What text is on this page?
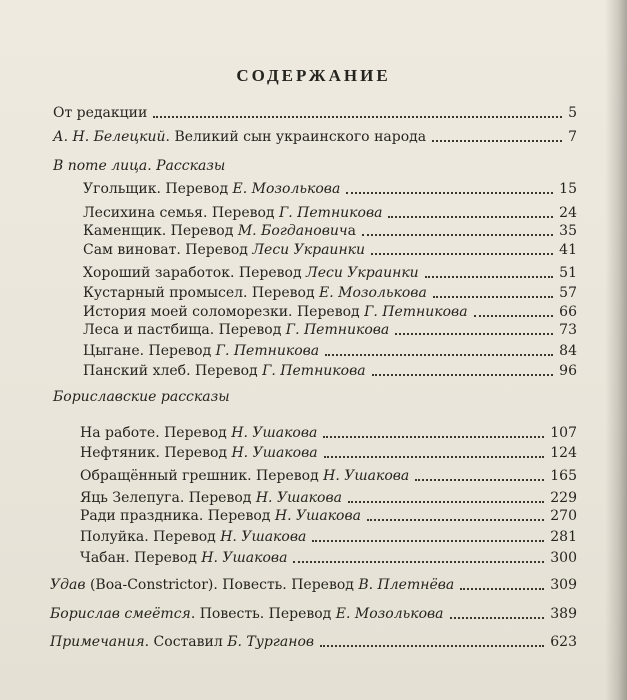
СОДЕРЖАНИЕ
От редакции	5
А. Н. Белецкий. Великий сын украинского народа	7
В поте лица. Рассказы
Угольщик. Перевод Е. Мозолькова	15
Лесихина семья. Перевод Г. Петникова	24
Каменщик. Перевод М. Богдановича	35
Сам виноват. Перевод Леси Украинки	41
Хороший заработок. Перевод Леси Украинки	51
Кустарный промысел. Перевод Е. Мозолькова	57
История моей соломорезки. Перевод Г. Петникова	66
Леса и пастбища. Перевод Г. Петникова	73
Цыгане. Перевод Г. Петникова	84
Панский хлеб. Перевод Г. Петникова	96
Бориславские рассказы
На работе. Перевод Н. Ушакова	107
Нефтяник. Перевод Н. Ушакова	124
Обращённый грешник. Перевод Н. Ушакова	165
Яць Зелепуга. Перевод Н. Ушакова	229
Ради праздника. Перевод Н. Ушакова	270
Полуйка. Перевод Н. Ушакова	281
Чабан. Перевод Н. Ушакова	300
Удав (Boa-Constrictor). Повесть. Перевод В. Плетнёва	309
Борислав смеётся. Повесть. Перевод Е. Мозолькова	389
Примечания. Составил Б. Турганов	623
